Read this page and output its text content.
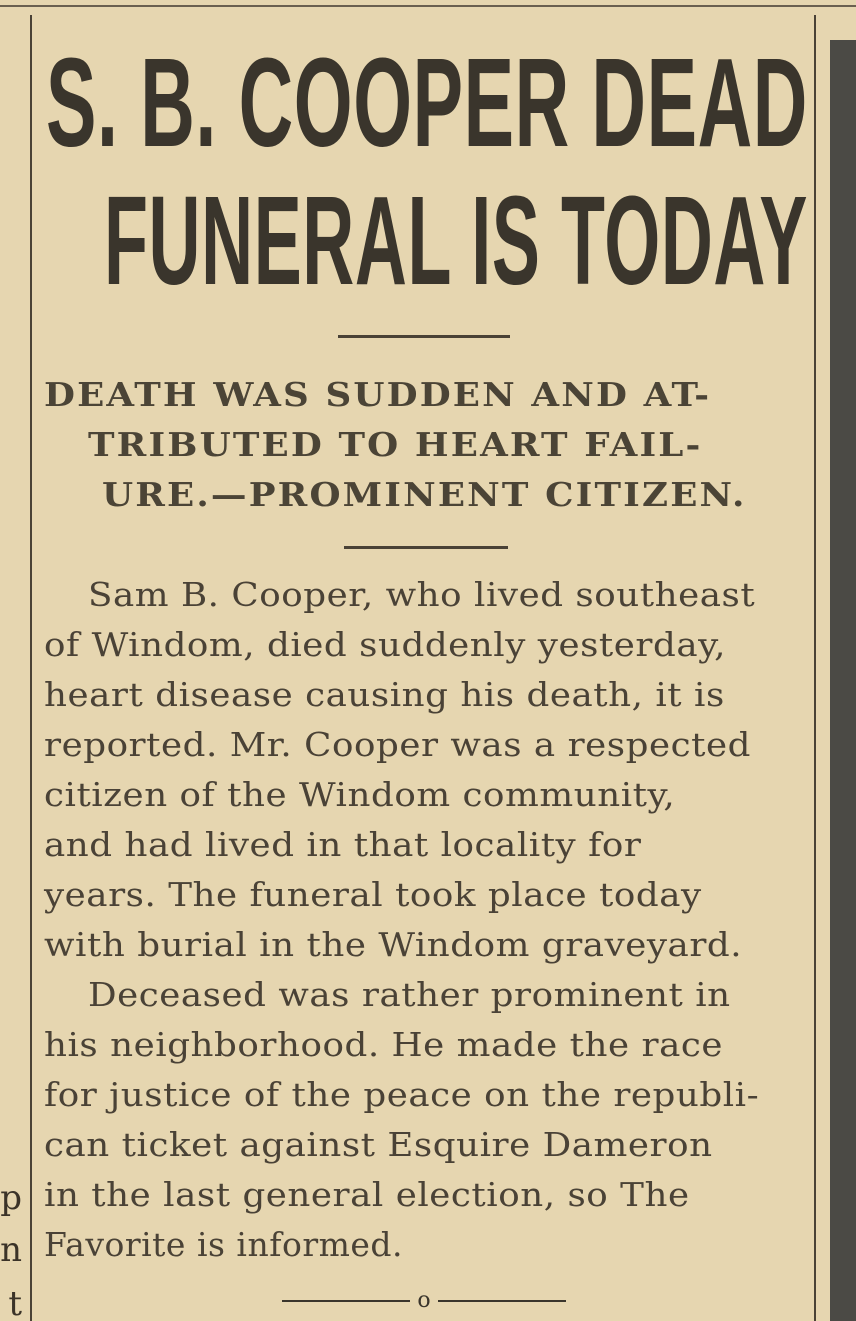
p
n
t
S. B. COOPER DEAD
FUNERAL IS TODAY
DEATH WAS SUDDEN AND AT-
TRIBUTED TO HEART FAIL-
URE.—PROMINENT CITIZEN.
Sam B. Cooper, who lived southeast
of Windom, died suddenly yesterday,
heart disease causing his death, it is
reported. Mr. Cooper was a respected
citizen of the Windom community,
and had lived in that locality for
years. The funeral took place today
with burial in the Windom graveyard.
Deceased was rather prominent in
his neighborhood. He made the race
for justice of the peace on the republi-
can ticket against Esquire Dameron
in the last general election, so The
Favorite is informed.
o
